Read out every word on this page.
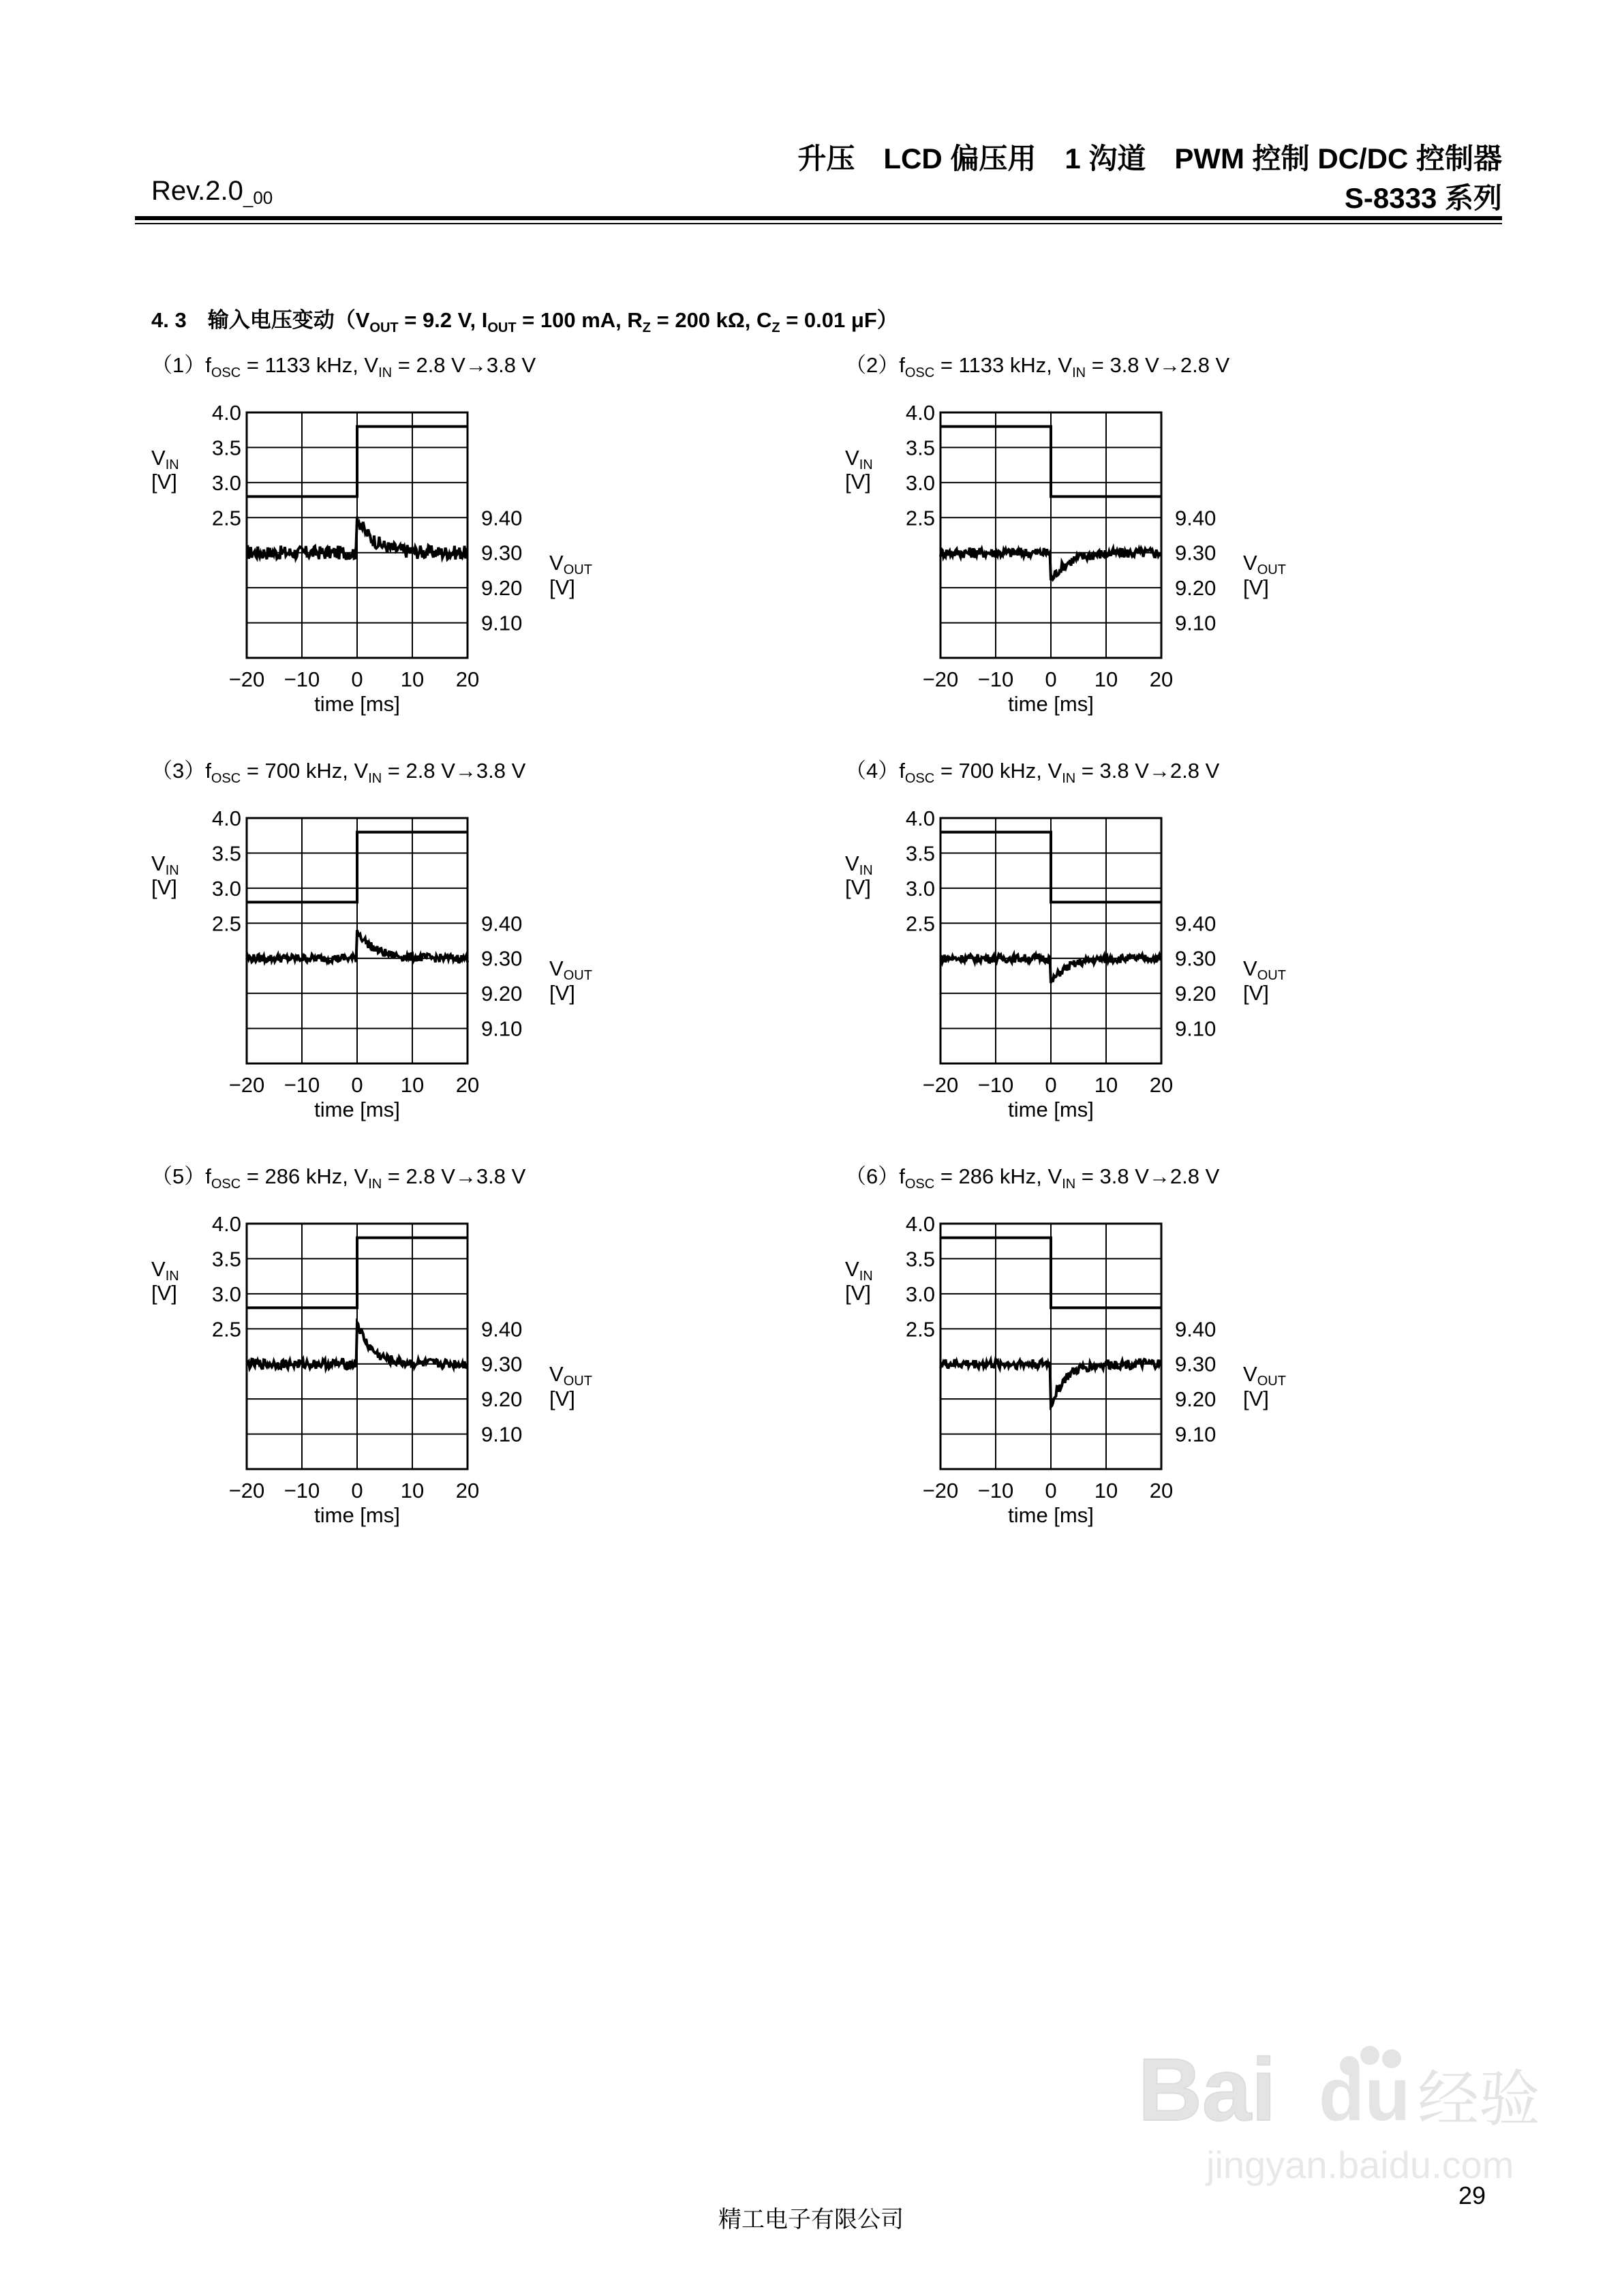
升压　LCD 偏压用　1 沟道　PWM 控制 DC/DC 控制器
S-8333 系列
$Rev.2.0_{\_00}$
4. 3　输入电压变动（$V_{OUT} = 9.2$ V, $I_{OUT} = 100$ mA, $R_Z = 200$ kΩ, $C_Z = 0.01$ μF）
$(1)f_{OSC} = 1133$ kHz, $V_{IN} = 2.8$ V→3.8 V
VIN
[V]
4.0
3.5
3.0
2.5	9.40
9.30
9.20
9.10
VOUT
[V]
−20 −10 0 10 20
time [ms]
$(2)f_{OSC} = 1133$ kHz, $V_{IN} = 3.8$ V→2.8 V
VIN
[V]
4.0
3.5
3.0
2.5	9.40
9.30
9.20
9.10
VOUT
[V]
−20 −10 0 10 20
time [ms]
$(3)f_{OSC} = 700$ kHz, $V_{IN} = 2.8$ V→3.8 V
VIN
[V]
4.0
3.5
3.0
2.5	9.40
9.30
9.20
9.10
VOUT
[V]
−20 −10 0 10 20
time [ms]
$(4)f_{OSC} = 700$ kHz, $V_{IN} = 3.8$ V→2.8 V
VIN
[V]
4.0
3.5
3.0
2.5	9.40
9.30
9.20
9.10
VOUT
[V]
−20 −10 0 10 20
time [ms]
$(5)f_{OSC} = 286$ kHz, $V_{IN} = 2.8$ V→3.8 V
VIN
[V]
4.0
3.5
3.0
2.5	9.40
9.30
9.20
9.10
VOUT
[V]
−20 −10 0 10 20
time [ms]
$(6)f_{OSC} = 286$ kHz, $V_{IN} = 3.8$ V→2.8 V
VIN
[V]
4.0
3.5
3.0
2.5	9.40
9.30
9.20
9.10
VOUT
[V]
−20 −10 0 10 20
time [ms]
精工电子有限公司
29
Bai du 经验
jingyan.baidu.com
